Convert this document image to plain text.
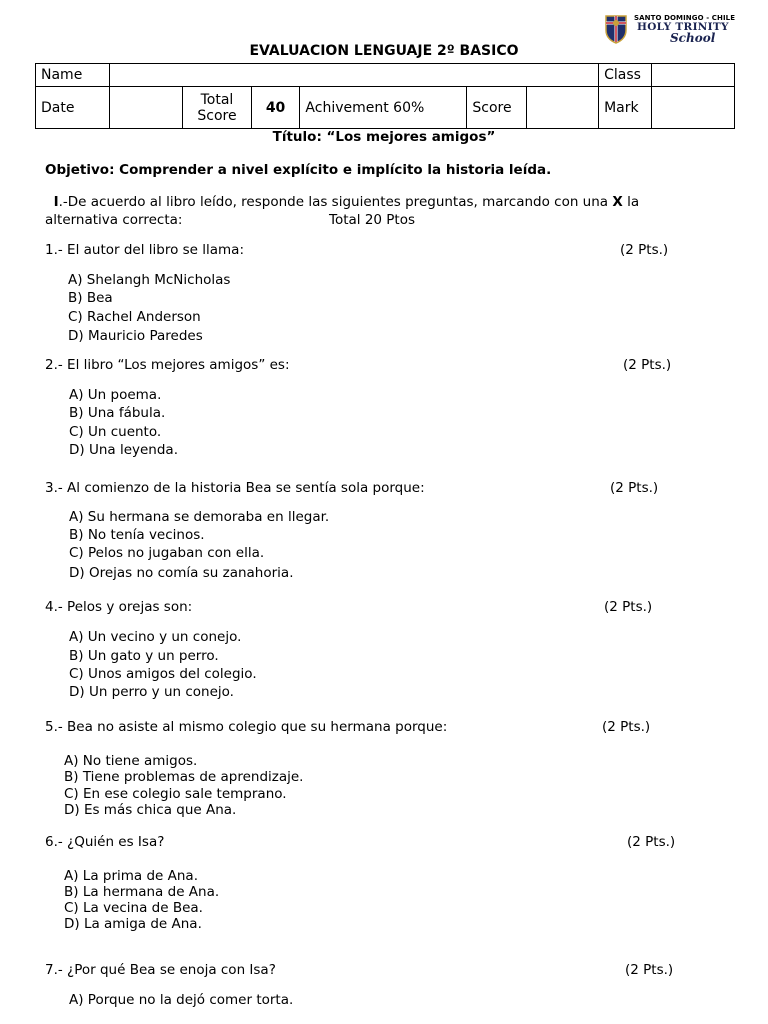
SANTO DOMINGO - CHILE
HOLY TRINITY
School
EVALUACION LENGUAJE 2º BASICO
Name							Class	
Date		Total Score	40	Achivement 60%	Score		Mark	
Título: “Los mejores amigos”
Objetivo: Comprender a nivel explícito e implícito la historia leída.
I.-De acuerdo al libro leído, responde las siguientes preguntas, marcando con una X la
alternativa correcta:	Total 20 Ptos
1.- El autor del libro se llama:	(2 Pts.)
A) Shelangh McNicholas
B) Bea
C) Rachel Anderson
D) Mauricio Paredes
2.- El libro “Los mejores amigos” es:	(2 Pts.)
A) Un poema.
B) Una fábula.
C) Un cuento.
D) Una leyenda.
3.- Al comienzo de la historia Bea se sentía sola porque:	(2 Pts.)
A) Su hermana se demoraba en llegar.
B) No tenía vecinos.
C) Pelos no jugaban con ella.
D) Orejas no comía su zanahoria.
4.- Pelos y orejas son:	(2 Pts.)
A) Un vecino y un conejo.
B) Un gato y un perro.
C) Unos amigos del colegio.
D) Un perro y un conejo.
5.- Bea no asiste al mismo colegio que su hermana porque:	(2 Pts.)
A) No tiene amigos.
B) Tiene problemas de aprendizaje.
C) En ese colegio sale temprano.
D) Es más chica que Ana.
6.- ¿Quién es Isa?	(2 Pts.)
A) La prima de Ana.
B) La hermana de Ana.
C) La vecina de Bea.
D) La amiga de Ana.
7.- ¿Por qué Bea se enoja con Isa?	(2 Pts.)
A) Porque no la dejó comer torta.
